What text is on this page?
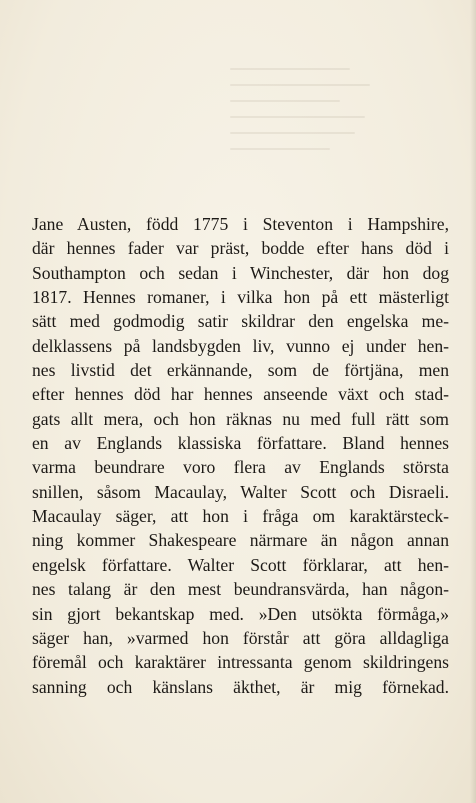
Jane Austen, född 1775 i Steventon i Hampshire,
där hennes fader var präst, bodde efter hans död i
Southampton och sedan i Winchester, där hon dog
1817. Hennes romaner, i vilka hon på ett mästerligt
sätt med godmodig satir skildrar den engelska me-
delklassens på landsbygden liv, vunno ej under hen-
nes livstid det erkännande, som de förtjäna, men
efter hennes död har hennes anseende växt och stad-
gats allt mera, och hon räknas nu med full rätt som
en av Englands klassiska författare. Bland hennes
varma beundrare voro flera av Englands största
snillen, såsom Macaulay, Walter Scott och Disraeli.
Macaulay säger, att hon i fråga om karaktärsteck-
ning kommer Shakespeare närmare än någon annan
engelsk författare. Walter Scott förklarar, att hen-
nes talang är den mest beundransvärda, han någon-
sin gjort bekantskap med. »Den utsökta förmåga,»
säger han, »varmed hon förstår att göra alldagliga
föremål och karaktärer intressanta genom skildringens
sanning och känslans äkthet, är mig förnekad.
